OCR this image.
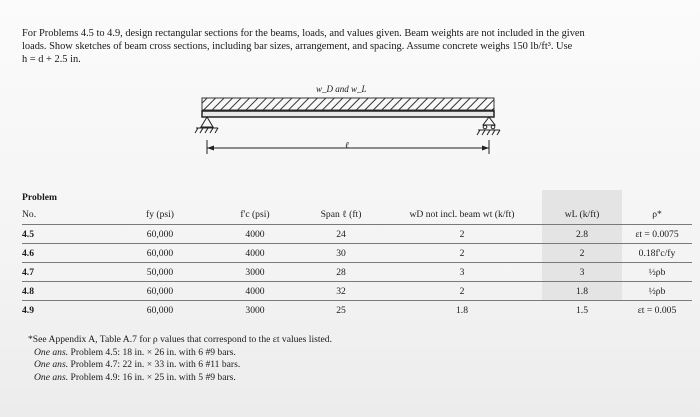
For Problems 4.5 to 4.9, design rectangular sections for the beams, loads, and values given. Beam weights are not included in the given

loads. Show sketches of beam cross sections, including bar sizes, arrangement, and spacing. Assume concrete weighs 150 lb/ft³. Use

h = d + 2.5 in.

w_D and w_L
ℓ
Problem						
No.	fy (psi)	f'c (psi)	Span ℓ (ft)	wD not incl. beam wt (k/ft)	wL (k/ft)	ρ*
4.5	60,000	4000	24	2	2.8	εt = 0.0075
4.6	60,000	4000	30	2	2	0.18f'c/fy
4.7	50,000	3000	28	3	3	½ρb
4.8	60,000	4000	32	2	1.8	½ρb
4.9	60,000	3000	25	1.8	1.5	εt = 0.005

*See Appendix A, Table A.7 for ρ values that correspond to the εt values listed.

One ans. Problem 4.5: 18 in. × 26 in. with 6 #9 bars.

One ans. Problem 4.7: 22 in. × 33 in. with 6 #11 bars.

One ans. Problem 4.9: 16 in. × 25 in. with 5 #9 bars.
